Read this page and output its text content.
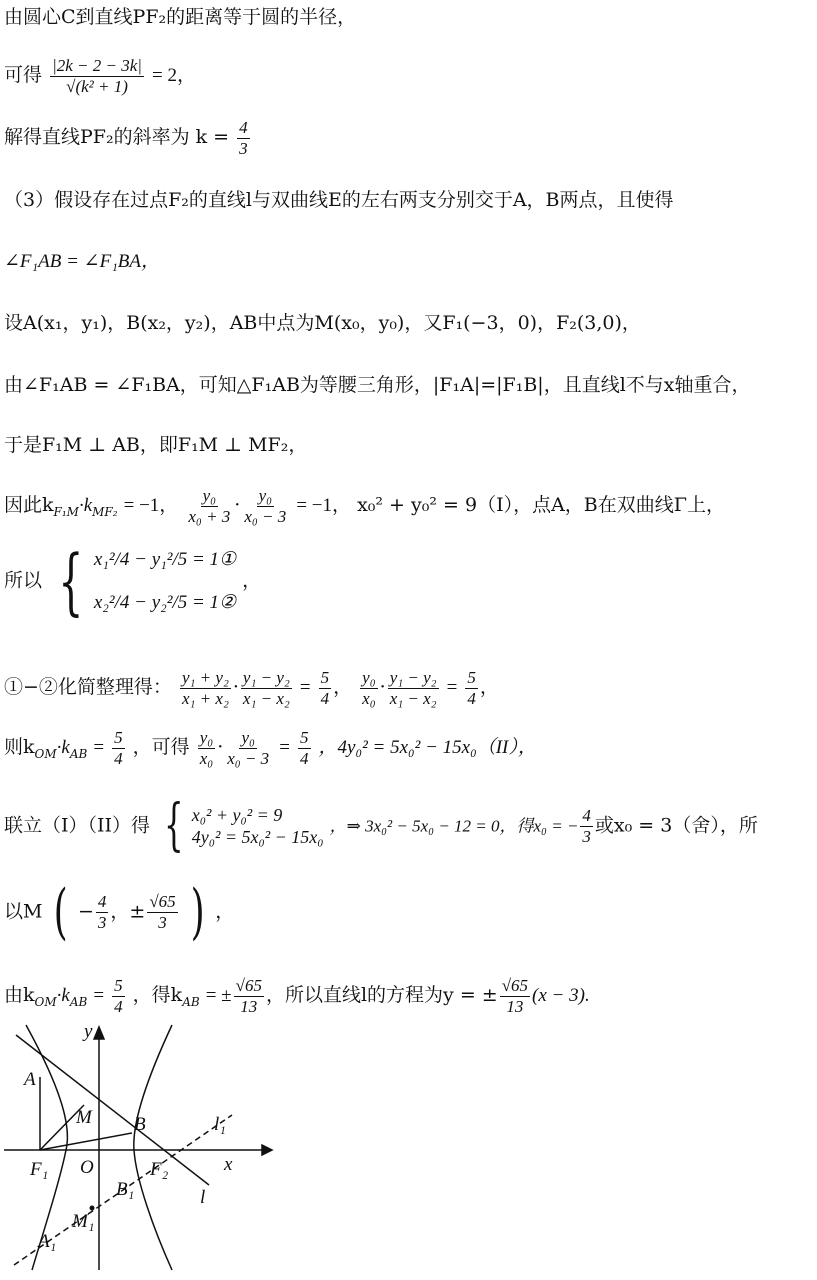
由圆心C到直线PF₂的距离等于圆的半径，
可得 $\frac{|2k - 2 - 3k|}{\text{√(k² + 1)}} = 2$，
解得直线PF₂的斜率为 $k = \frac{4}{3}$
（3）假设存在过点F₂的直线l与双曲线E的左右两支分别交于A，B两点，且使得
∠F₁AB = ∠F₁BA，
设A(x₁，y₁)，B(x₂，y₂)，AB中点为M(x₀，y₀)，又F₁(−3，0)，F₂(3,0)，
由∠F₁AB = ∠F₁BA，可知△F₁AB为等腰三角形，|F₁A|=|F₁B|，且直线l不与x轴重合，
于是F₁M ⊥ AB，即F₁M ⊥ MF₂，
因此$k_{F_1M}\cdot k_{MF_2} = -1$， $\frac{\text{y₀}}{\text{x₀ + 3}} \cdot \frac{\text{y₀}}{\text{x₀ − 3}} = -1$， x₀² + y₀² = 9（I），点A，B在双曲线Γ上，
所以 { x₁²/4 − y₁²/5 = 1①
x₂²/4 − y₂²/5 = 1②
，
①−②化简整理得： $\frac{\text{y₁ + y₂}}{\text{x₁ + x₂}} \cdot \frac{\text{y₁ − y₂}}{\text{x₁ − x₂}} = \frac{5}{4}$ ， $\frac{\text{y₀}}{\text{x₀}} \cdot \frac{\text{y₁ − y₂}}{\text{x₁ − x₂}} = \frac{5}{4}$ ，
则$k_{OM}\cdot k_{AB} = \frac{5}{4}$ ，可得 $\frac{\text{y₀}}{\text{x₀}} \cdot \frac{\text{y₀}}{\text{x₀ − 3}} = \frac{5}{4}$ ，4y₀² = 5x₀² − 15x₀（II），
联立（I）（II）得 { x₀² + y₀² = 9
4y₀² = 5x₀² − 15x₀
，⇒ 3x₀² − 5x₀ − 12 = 0，得x₀ = − $\frac{4}{3}$ 或x₀ = 3（舍），所
以M ( − $\frac{4}{3}$ ，± $\frac{√65}{3}$ ) ，
由$k_{OM}\cdot k_{AB} = \frac{5}{4}$ ，得$k_{AB}$ = ± $\frac{√65}{13}$ ，所以直线l的方程为y = ± $\frac{√65}{13} (x - 3)$.
y
x
O
A
B
M
F₁	F₂
B₁
M₁
A₁
l
l₁
